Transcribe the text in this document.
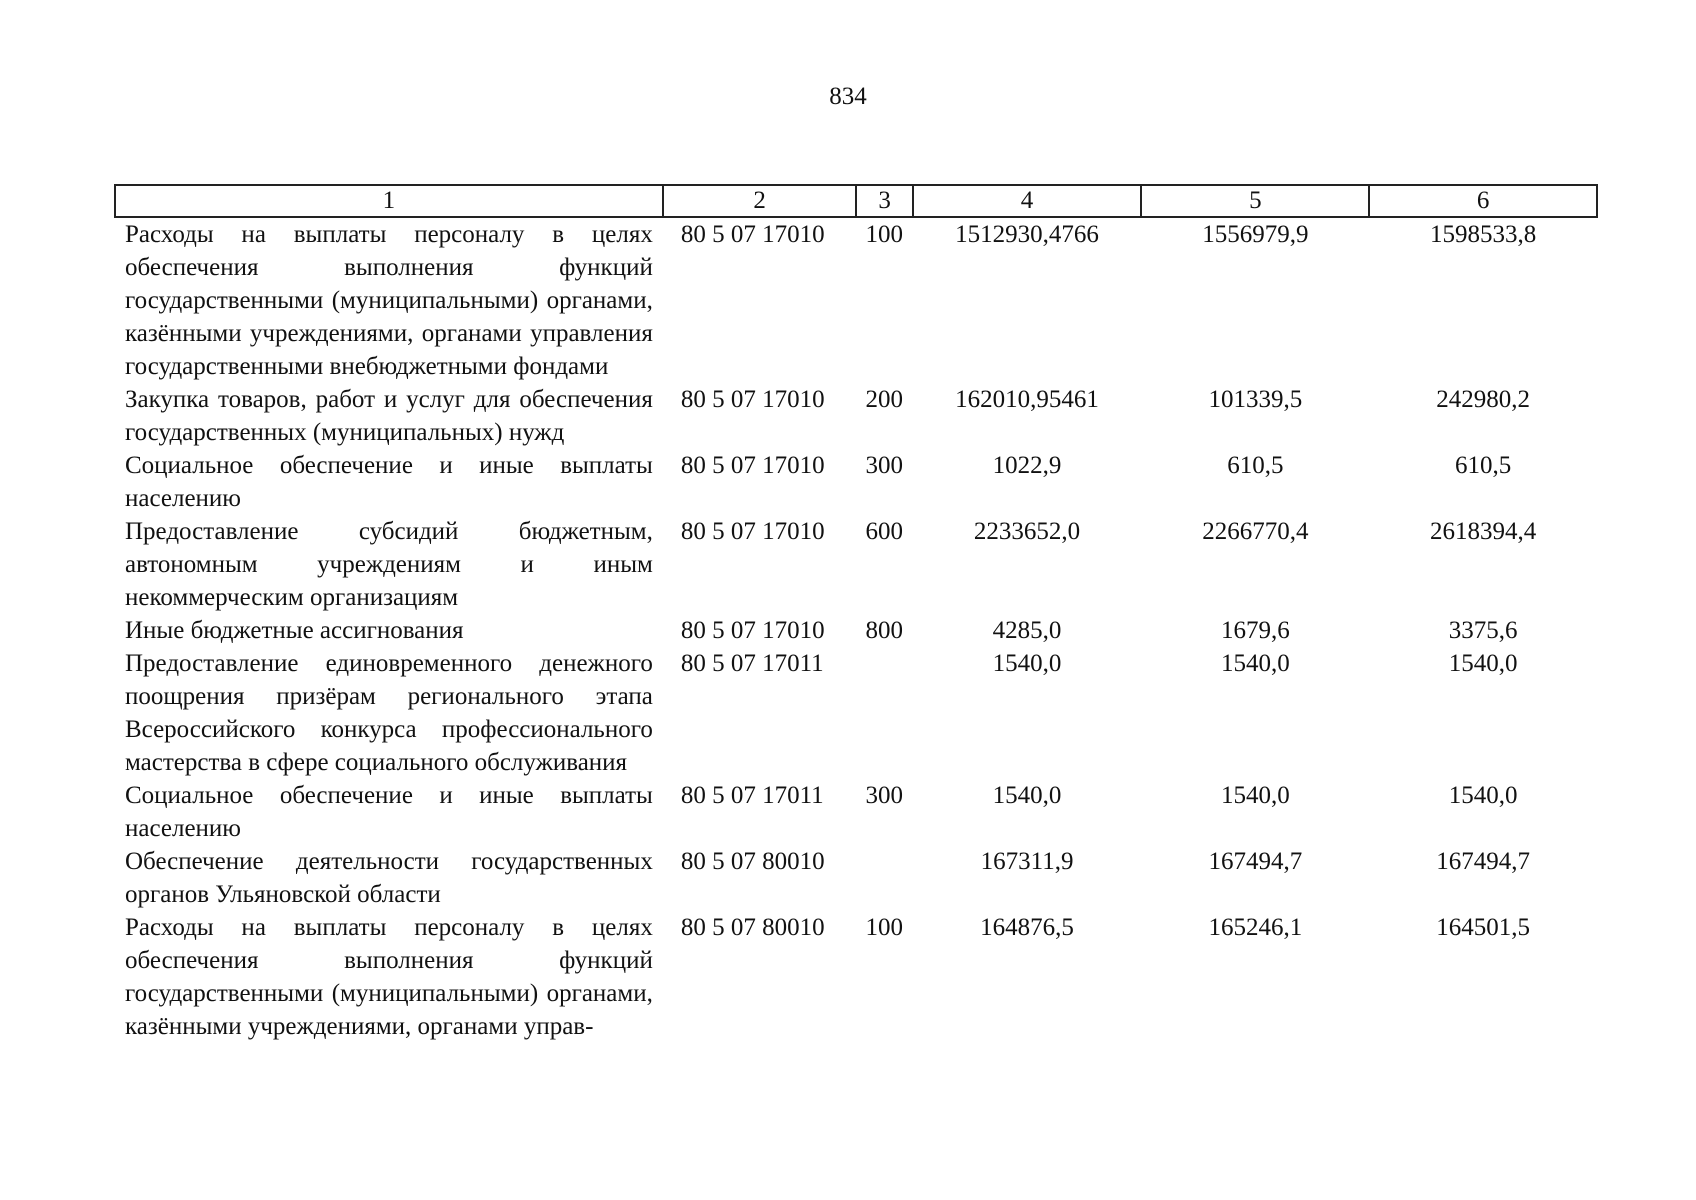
834
1	2	3	4	5	6
Расходы на выплаты персоналу в целях обеспечения выполнения функций государственными (муниципальными) органами, казёнными учреждениями, органами управления государственными внебюджетными фондами	80 5 07 17010	100	1512930,4766	1556979,9	1598533,8
Закупка товаров, работ и услуг для обеспечения государственных (муниципальных) нужд	80 5 07 17010	200	162010,95461	101339,5	242980,2
Социальное обеспечение и иные выплаты населению	80 5 07 17010	300	1022,9	610,5	610,5
Предоставление субсидий бюджетным, автономным учреждениям и иным некоммерческим организациям	80 5 07 17010	600	2233652,0	2266770,4	2618394,4
Иные бюджетные ассигнования	80 5 07 17010	800	4285,0	1679,6	3375,6
Предоставление единовременного денежного поощрения призёрам регионального этапа Всероссийского конкурса профессионального мастерства в сфере социального обслуживания	80 5 07 17011		1540,0	1540,0	1540,0
Социальное обеспечение и иные выплаты населению	80 5 07 17011	300	1540,0	1540,0	1540,0
Обеспечение деятельности государственных органов Ульяновской области	80 5 07 80010		167311,9	167494,7	167494,7
Расходы на выплаты персоналу в целях обеспечения выполнения функций государственными (муниципальными) органами, казёнными учреждениями, органами управ-	80 5 07 80010	100	164876,5	165246,1	164501,5
